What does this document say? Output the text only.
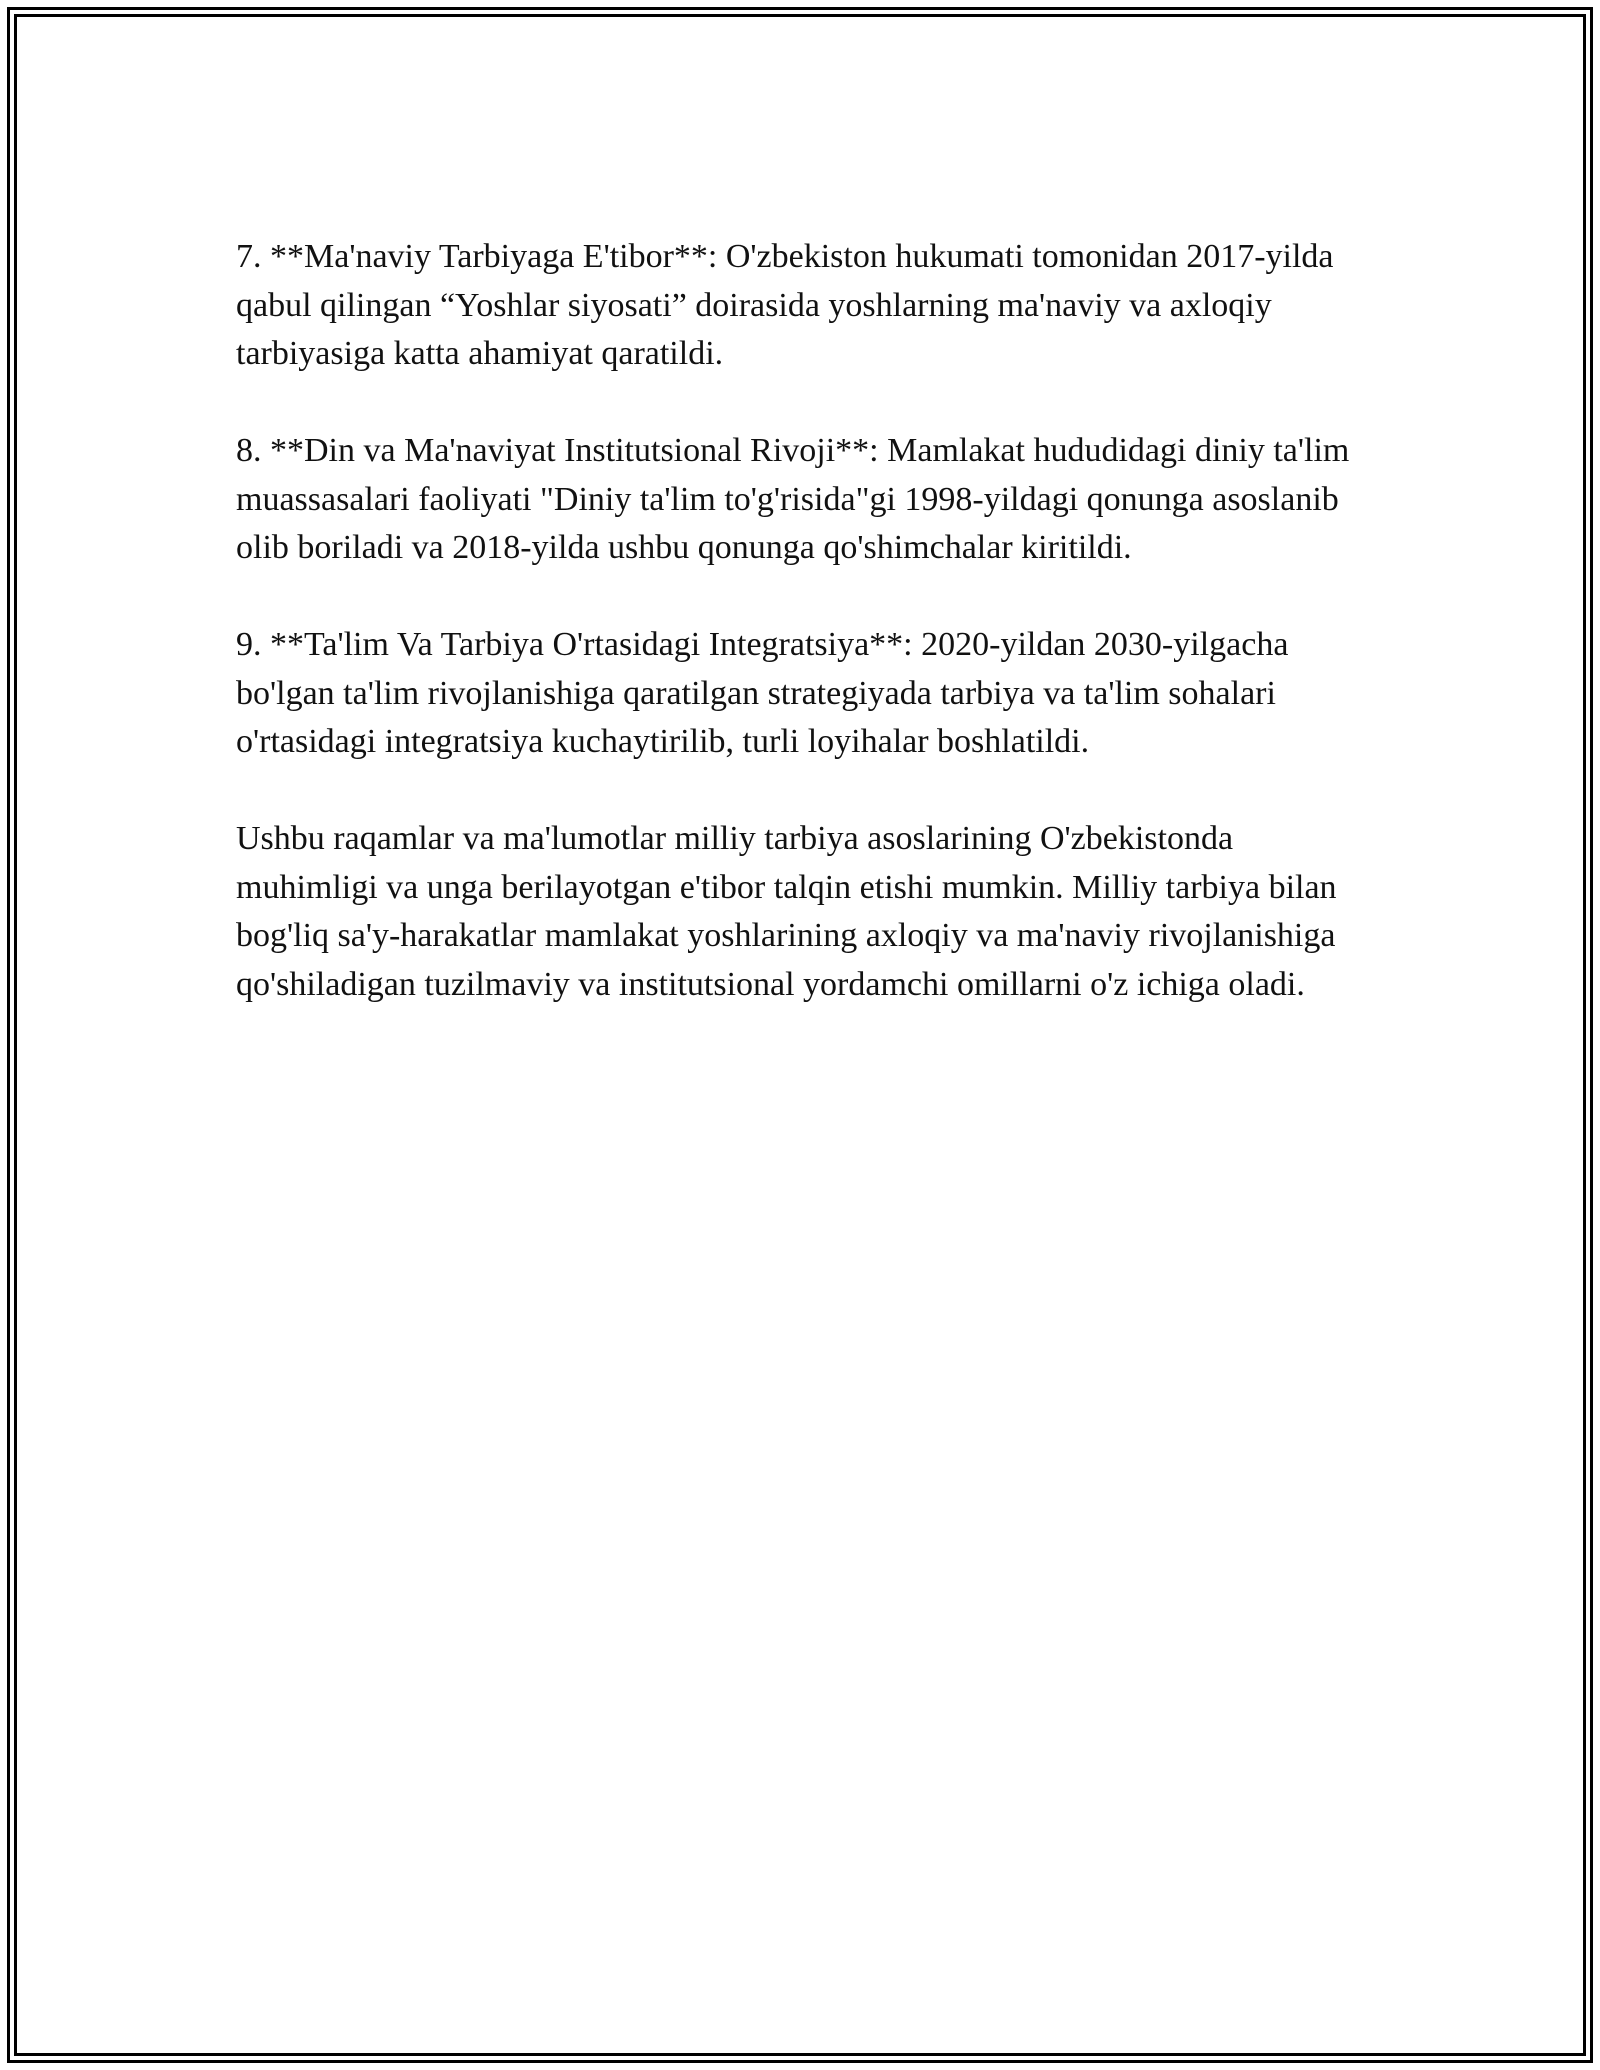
7. **Ma'naviy Tarbiyaga E'tibor**: O'zbekiston hukumati tomonidan 2017-yilda qabul qilingan “Yoshlar siyosati” doirasida yoshlarning ma'naviy va axloqiy tarbiyasiga katta ahamiyat qaratildi.

8. **Din va Ma'naviyat Institutsional Rivoji**: Mamlakat hududidagi diniy ta'lim muassasalari faoliyati "Diniy ta'lim to'g'risida"gi 1998-yildagi qonunga asoslanib olib boriladi va 2018-yilda ushbu qonunga qo'shimchalar kiritildi.

9. **Ta'lim Va Tarbiya O'rtasidagi Integratsiya**: 2020-yildan 2030-yilgacha bo'lgan ta'lim rivojlanishiga qaratilgan strategiyada tarbiya va ta'lim sohalari o'rtasidagi integratsiya kuchaytirilib, turli loyihalar boshlatildi.

Ushbu raqamlar va ma'lumotlar milliy tarbiya asoslarining O'zbekistonda muhimligi va unga berilayotgan e'tibor talqin etishi mumkin. Milliy tarbiya bilan bog'liq sa'y-harakatlar mamlakat yoshlarining axloqiy va ma'naviy rivojlanishiga qo'shiladigan tuzilmaviy va institutsional yordamchi omillarni o'z ichiga oladi.
